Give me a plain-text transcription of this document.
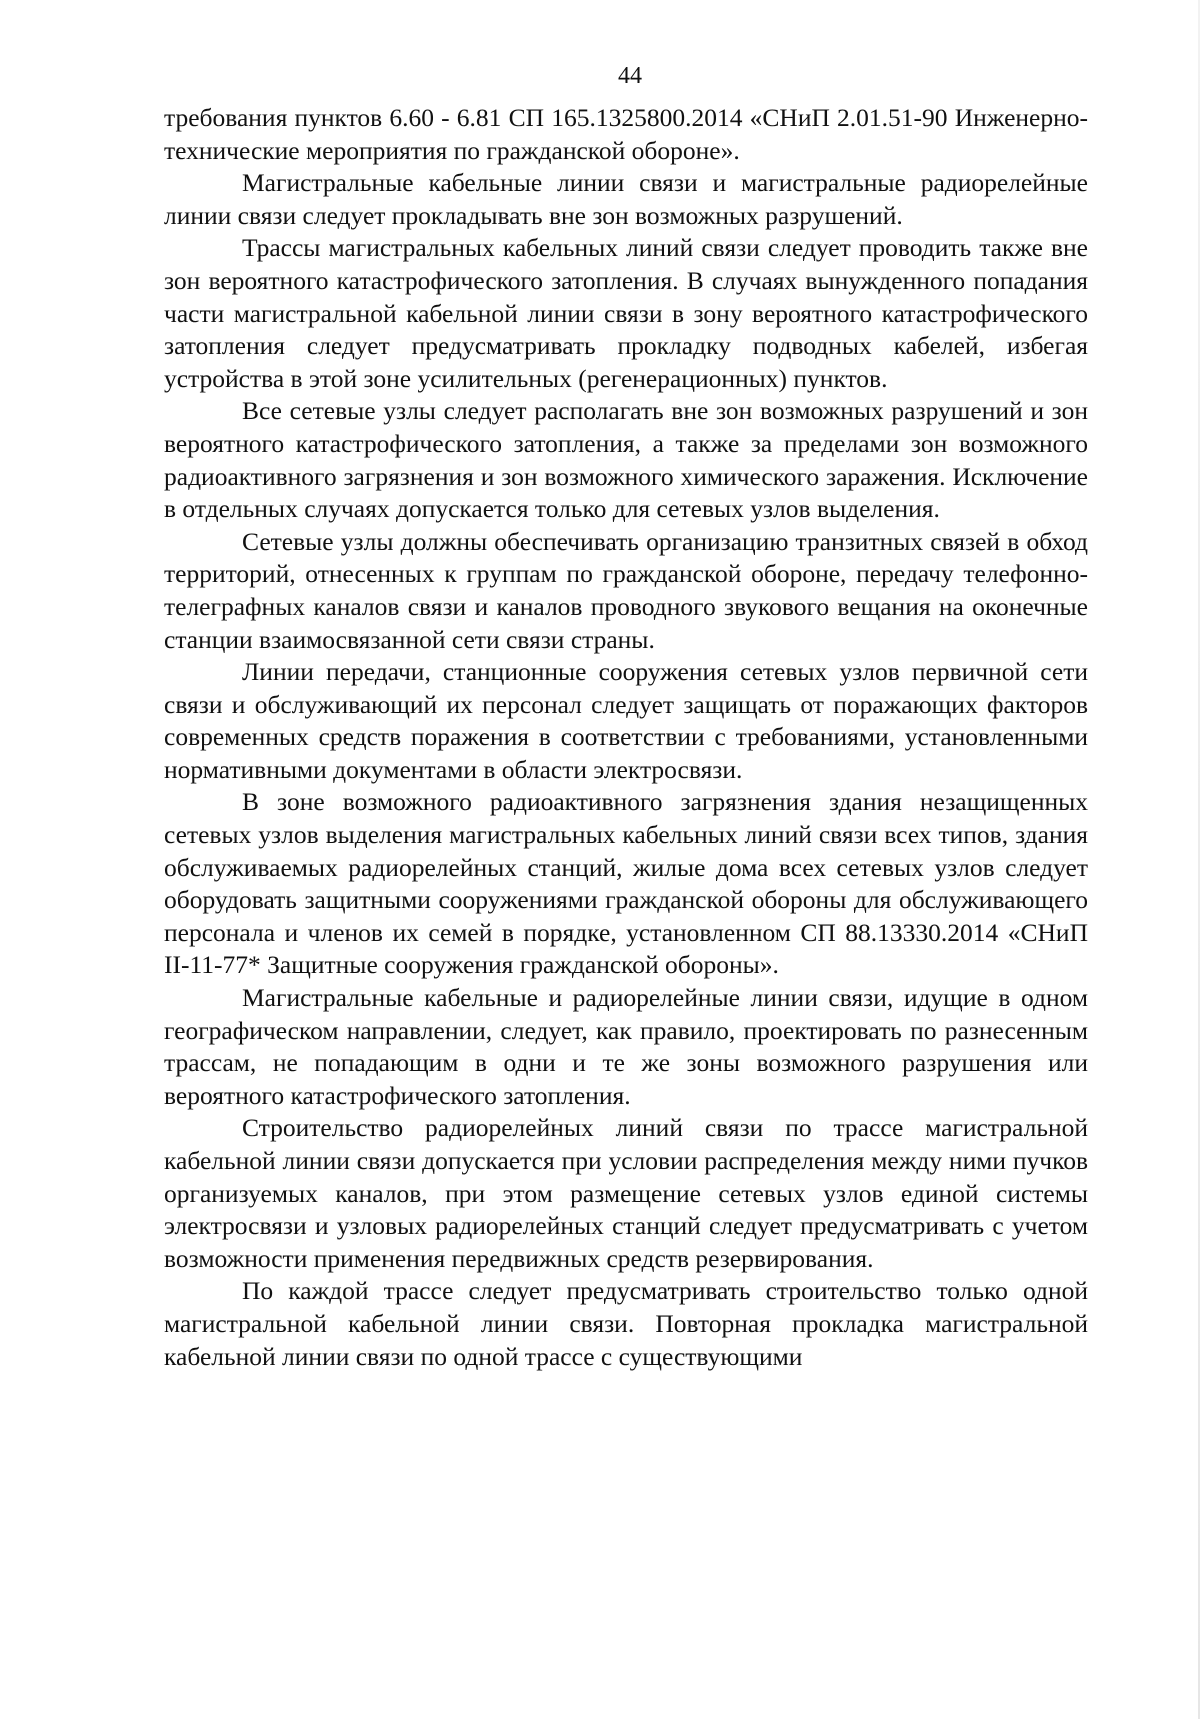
44

требования пунктов 6.60 - 6.81 СП 165.1325800.2014 «СНиП 2.01.51-90 Инженерно-технические мероприятия по гражданской обороне».

Магистральные кабельные линии связи и магистральные радиорелейные линии связи следует прокладывать вне зон возможных разрушений.

Трассы магистральных кабельных линий связи следует проводить также вне зон вероятного катастрофического затопления. В случаях вынужденного попадания части магистральной кабельной линии связи в зону вероятного катастрофического затопления следует предусматривать прокладку подводных кабелей, избегая устройства в этой зоне усилительных (регенерационных) пунктов.

Все сетевые узлы следует располагать вне зон возможных разрушений и зон вероятного катастрофического затопления, а также за пределами зон возможного радиоактивного загрязнения и зон возможного химического заражения. Исключение в отдельных случаях допускается только для сетевых узлов выделения.

Сетевые узлы должны обеспечивать организацию транзитных связей в обход территорий, отнесенных к группам по гражданской обороне, передачу телефонно-телеграфных каналов связи и каналов проводного звукового вещания на оконечные станции взаимосвязанной сети связи страны.

Линии передачи, станционные сооружения сетевых узлов первичной сети связи и обслуживающий их персонал следует защищать от поражающих факторов современных средств поражения в соответствии с требованиями, установленными нормативными документами в области электросвязи.

В зоне возможного радиоактивного загрязнения здания незащищенных сетевых узлов выделения магистральных кабельных линий связи всех типов, здания обслуживаемых радиорелейных станций, жилые дома всех сетевых узлов следует оборудовать защитными сооружениями гражданской обороны для обслуживающего персонала и членов их семей в порядке, установленном СП 88.13330.2014 «СНиП II-11-77* Защитные сооружения гражданской обороны».

Магистральные кабельные и радиорелейные линии связи, идущие в одном географическом направлении, следует, как правило, проектировать по разнесенным трассам, не попадающим в одни и те же зоны возможного разрушения или вероятного катастрофического затопления.

Строительство радиорелейных линий связи по трассе магистральной кабельной линии связи допускается при условии распределения между ними пучков организуемых каналов, при этом размещение сетевых узлов единой системы электросвязи и узловых радиорелейных станций следует предусматривать с учетом возможности применения передвижных средств резервирования.

По каждой трассе следует предусматривать строительство только одной магистральной кабельной линии связи. Повторная прокладка магистральной кабельной линии связи по одной трассе с существующими
